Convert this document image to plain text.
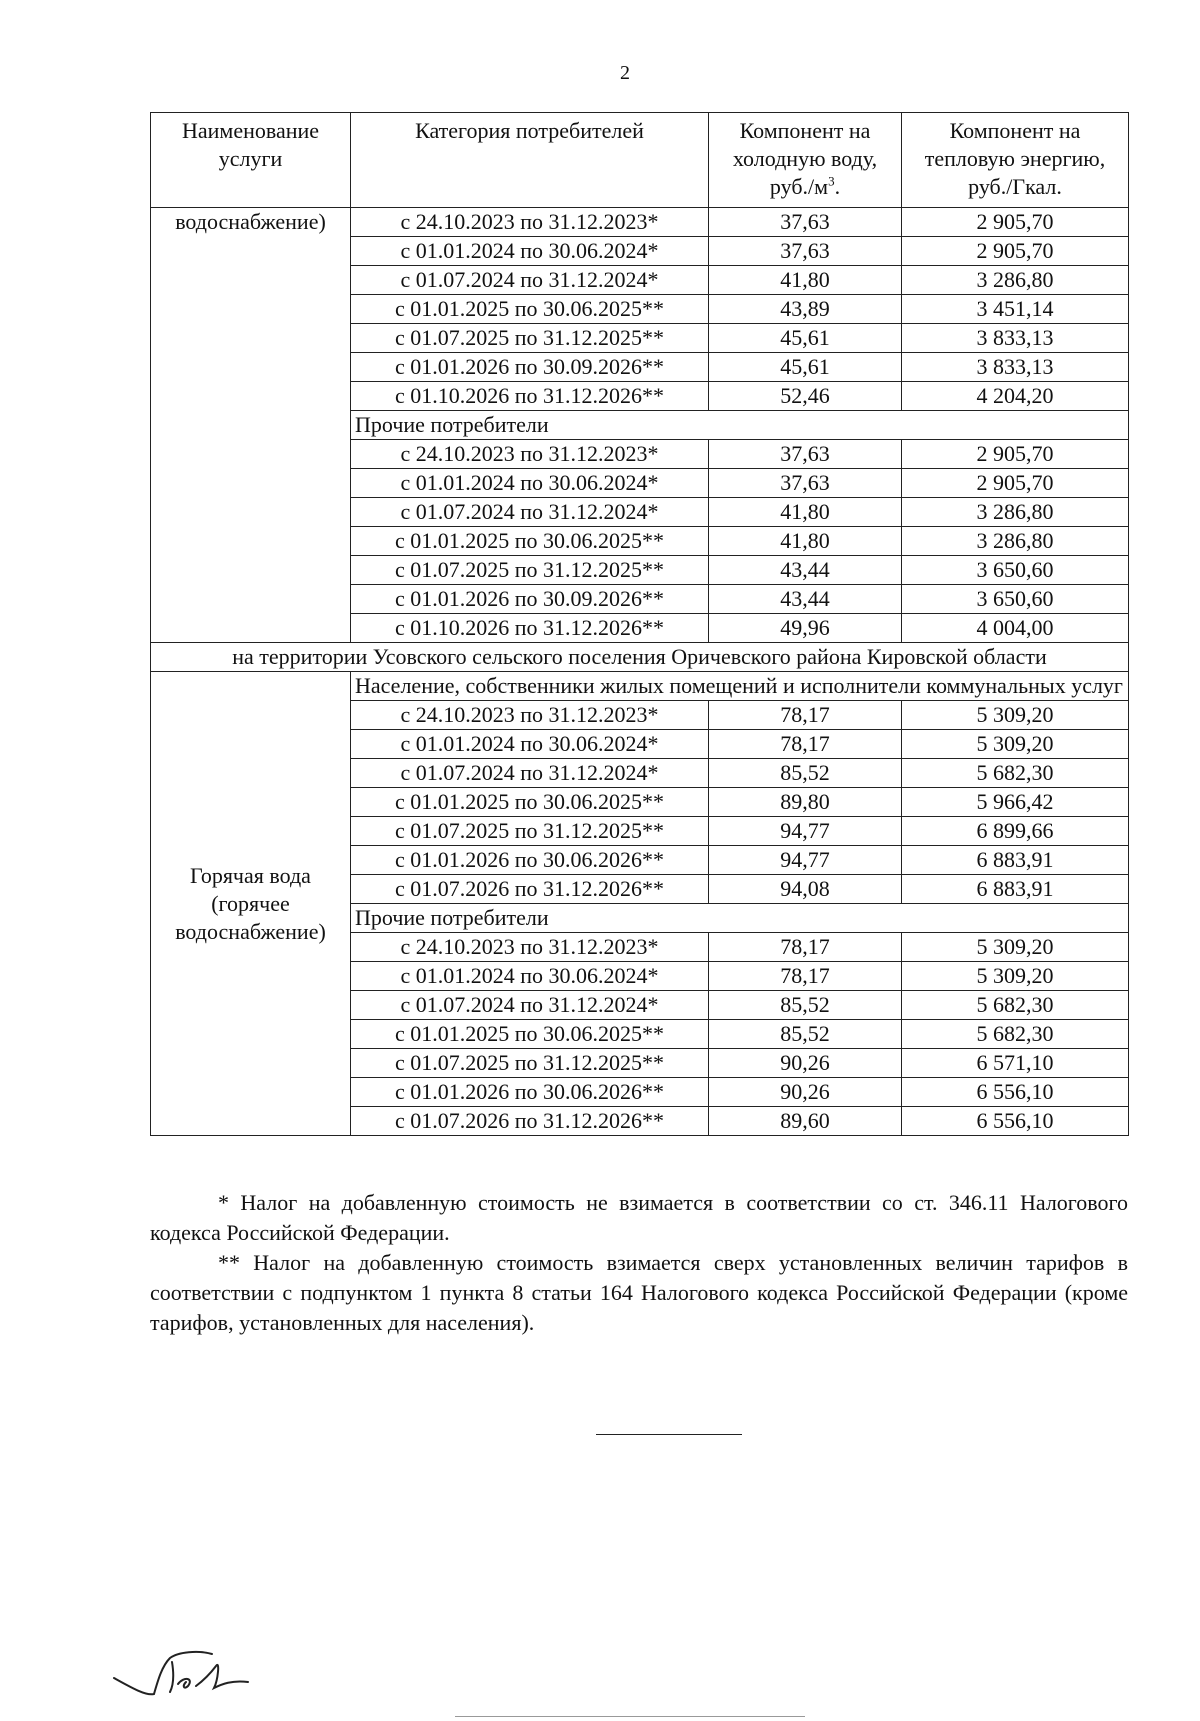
2
Наименование услуги	Категория потребителей	Компонент на холодную воду, $руб./м^3$.	Компонент на тепловую энергию, руб./Гкал.
водоснабжение)	с 24.10.2023 по 31.12.2023*	37,63	2 905,70
	с 01.01.2024 по 30.06.2024*	37,63	2 905,70
	с 01.07.2024 по 31.12.2024*	41,80	3 286,80
	с 01.01.2025 по 30.06.2025**	43,89	3 451,14
	с 01.07.2025 по 31.12.2025**	45,61	3 833,13
	с 01.01.2026 по 30.09.2026**	45,61	3 833,13
	с 01.10.2026 по 31.12.2026**	52,46	4 204,20
	Прочие потребители		
	с 24.10.2023 по 31.12.2023*	37,63	2 905,70
	с 01.01.2024 по 30.06.2024*	37,63	2 905,70
	с 01.07.2024 по 31.12.2024*	41,80	3 286,80
	с 01.01.2025 по 30.06.2025**	41,80	3 286,80
	с 01.07.2025 по 31.12.2025**	43,44	3 650,60
	с 01.01.2026 по 30.09.2026**	43,44	3 650,60
	с 01.10.2026 по 31.12.2026**	49,96	4 004,00
на территории Усовского сельского поселения Оричевского района Кировской области			
Горячая вода (горячее водоснабжение)	Население, собственники жилых помещений и исполнители коммунальных услуг		
	с 24.10.2023 по 31.12.2023*	78,17	5 309,20
	с 01.01.2024 по 30.06.2024*	78,17	5 309,20
	с 01.07.2024 по 31.12.2024*	85,52	5 682,30
	с 01.01.2025 по 30.06.2025**	89,80	5 966,42
	с 01.07.2025 по 31.12.2025**	94,77	6 899,66
	с 01.01.2026 по 30.06.2026**	94,77	6 883,91
	с 01.07.2026 по 31.12.2026**	94,08	6 883,91
	Прочие потребители		
	с 24.10.2023 по 31.12.2023*	78,17	5 309,20
	с 01.01.2024 по 30.06.2024*	78,17	5 309,20
	с 01.07.2024 по 31.12.2024*	85,52	5 682,30
	с 01.01.2025 по 30.06.2025**	85,52	5 682,30
	с 01.07.2025 по 31.12.2025**	90,26	6 571,10
	с 01.01.2026 по 30.06.2026**	90,26	6 556,10
	с 01.07.2026 по 31.12.2026**	89,60	6 556,10

* Налог на добавленную стоимость не взимается в соответствии со ст. 346.11 Налогового кодекса Российской Федерации.

** Налог на добавленную стоимость взимается сверх установленных величин тарифов в соответствии с подпунктом 1 пункта 8 статьи 164 Налогового кодекса Российской Федерации (кроме тарифов, установленных для населения).
